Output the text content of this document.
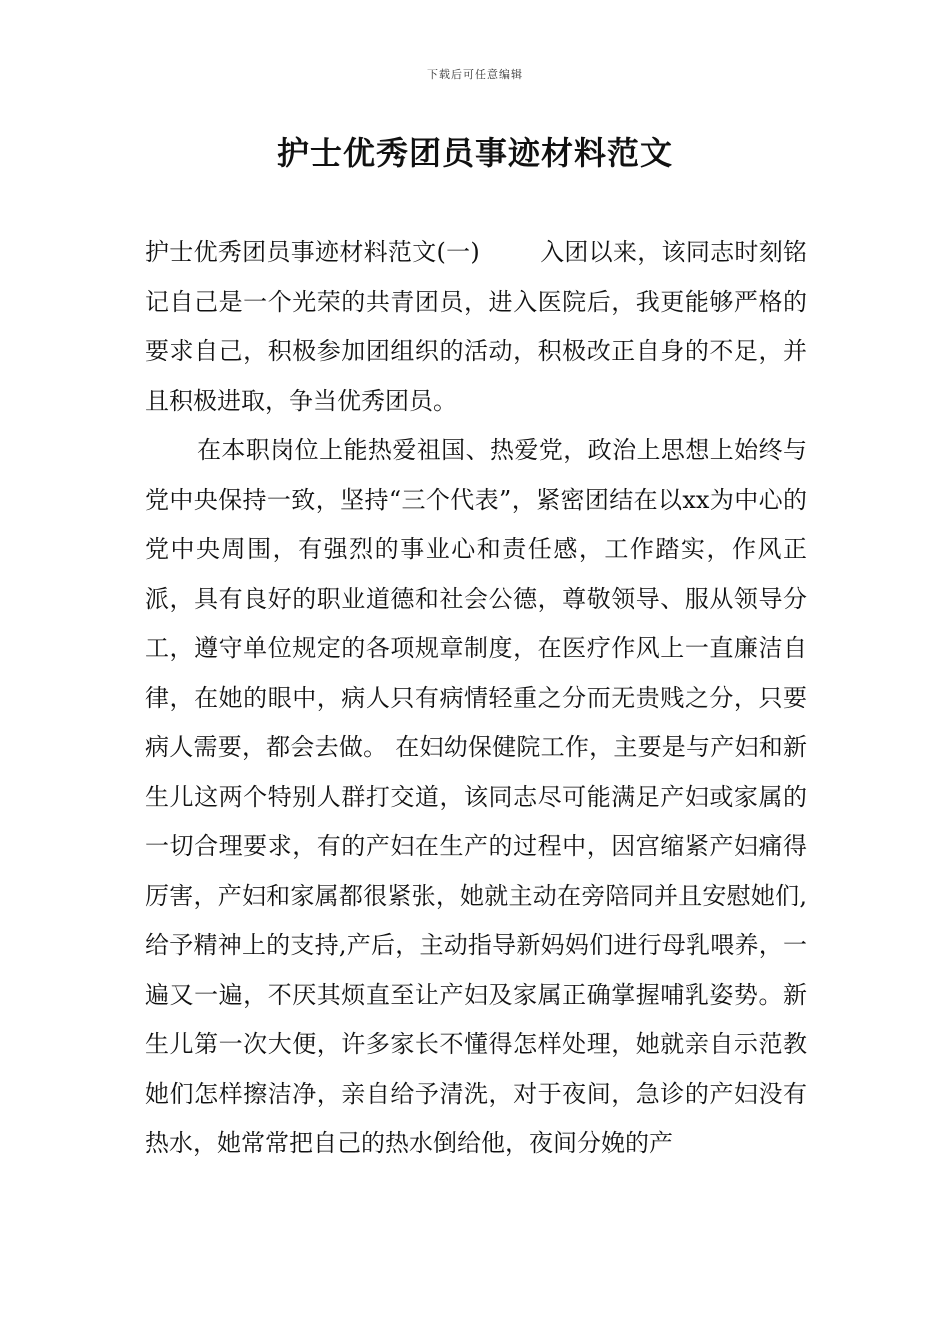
下载后可任意编辑
护士优秀团员事迹材料范文

护士优秀团员事迹材料范文(一)	入团以来，该同志时刻铭记自己是一个光荣的共青团员，进入医院后，我更能够严格的要求自己，积极参加团组织的活动，积极改正自身的不足，并且积极进取，争当优秀团员。

在本职岗位上能热爱祖国、热爱党，政治上思想上始终与党中央保持一致，坚持“三个代表”，紧密团结在以xx为中心的党中央周围，有强烈的事业心和责任感，工作踏实，作风正派，具有良好的职业道德和社会公德，尊敬领导、服从领导分工，遵守单位规定的各项规章制度，在医疗作风上一直廉洁自律，在她的眼中，病人只有病情轻重之分而无贵贱之分，只要病人需要，都会去做。 在妇幼保健院工作，主要是与产妇和新生儿这两个特别人群打交道，该同志尽可能满足产妇或家属的一切合理要求，有的产妇在生产的过程中，因宫缩紧产妇痛得厉害，产妇和家属都很紧张，她就主动在旁陪同并且安慰她们,给予精神上的支持,产后，主动指导新妈妈们进行母乳喂养，一遍又一遍，不厌其烦直至让产妇及家属正确掌握哺乳姿势。新生儿第一次大便，许多家长不懂得怎样处理，她就亲自示范教她们怎样擦洁净，亲自给予清洗，对于夜间，急诊的产妇没有热水，她常常把自己的热水倒给他，夜间分娩的产
